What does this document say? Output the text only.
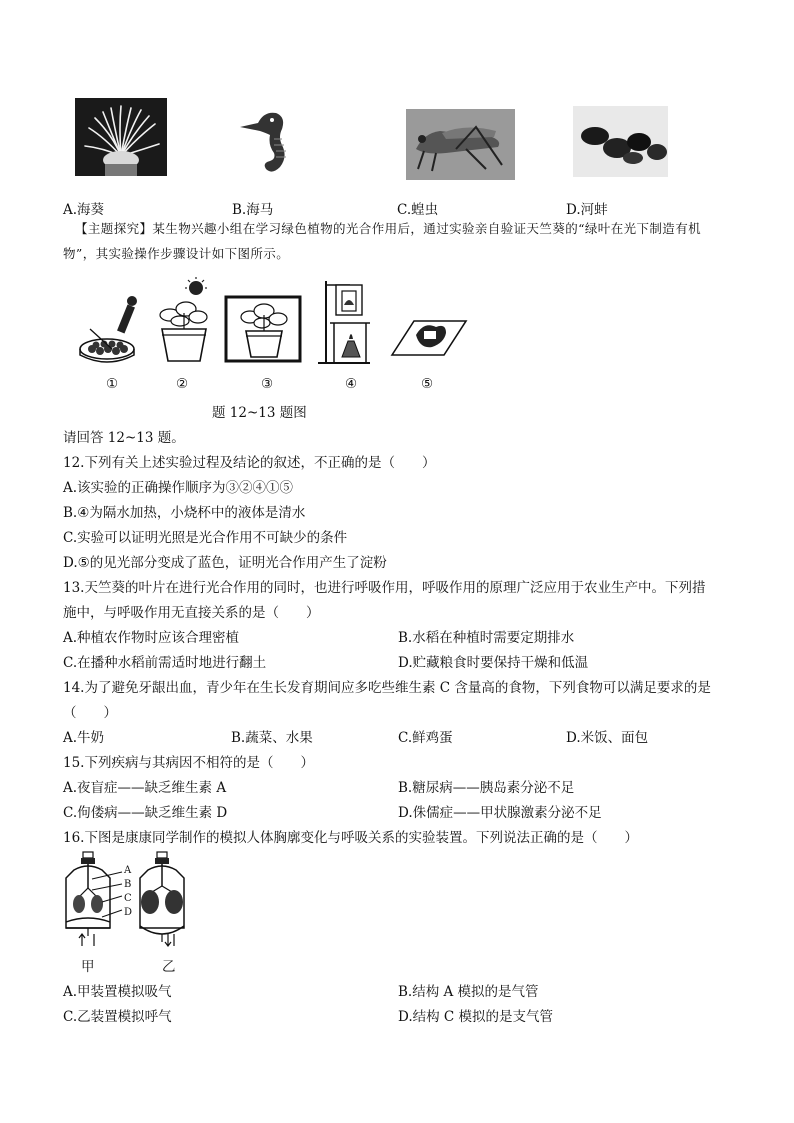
A.海葵	B.海马	C.蝗虫	D.河蚌
【主题探究】某生物兴趣小组在学习绿色植物的光合作用后，通过实验亲自验证天竺葵的“绿叶在光下制造有机物”，其实验操作步骤设计如下图所示。
①	②	③	④	⑤
题 12~13 题图
请回答 12~13 题。
12.下列有关上述实验过程及结论的叙述，不正确的是（　　）
A.该实验的正确操作顺序为③②④①⑤
B.④为隔水加热，小烧杯中的液体是清水
C.实验可以证明光照是光合作用不可缺少的条件
D.⑤的见光部分变成了蓝色，证明光合作用产生了淀粉
13.天竺葵的叶片在进行光合作用的同时，也进行呼吸作用，呼吸作用的原理广泛应用于农业生产中。下列措
施中，与呼吸作用无直接关系的是（　　）
A.种植农作物时应该合理密植	B.水稻在种植时需要定期排水
C.在播种水稻前需适时地进行翻土	D.贮藏粮食时要保持干燥和低温
14.为了避免牙龈出血，青少年在生长发育期间应多吃些维生素 C 含量高的食物，下列食物可以满足要求的是
（　　）
A.牛奶	B.蔬菜、水果	C.鲜鸡蛋	D.米饭、面包
15.下列疾病与其病因不相符的是（　　）
A.夜盲症——缺乏维生素 A	B.糖尿病——胰岛素分泌不足
C.佝偻病——缺乏维生素 D	D.侏儒症——甲状腺激素分泌不足
16.下图是康康同学制作的模拟人体胸廓变化与呼吸关系的实验装置。下列说法正确的是（　　）
A
B
C
D
甲	乙
A.甲装置模拟吸气	B.结构 A 模拟的是气管
C.乙装置模拟呼气	D.结构 C 模拟的是支气管
